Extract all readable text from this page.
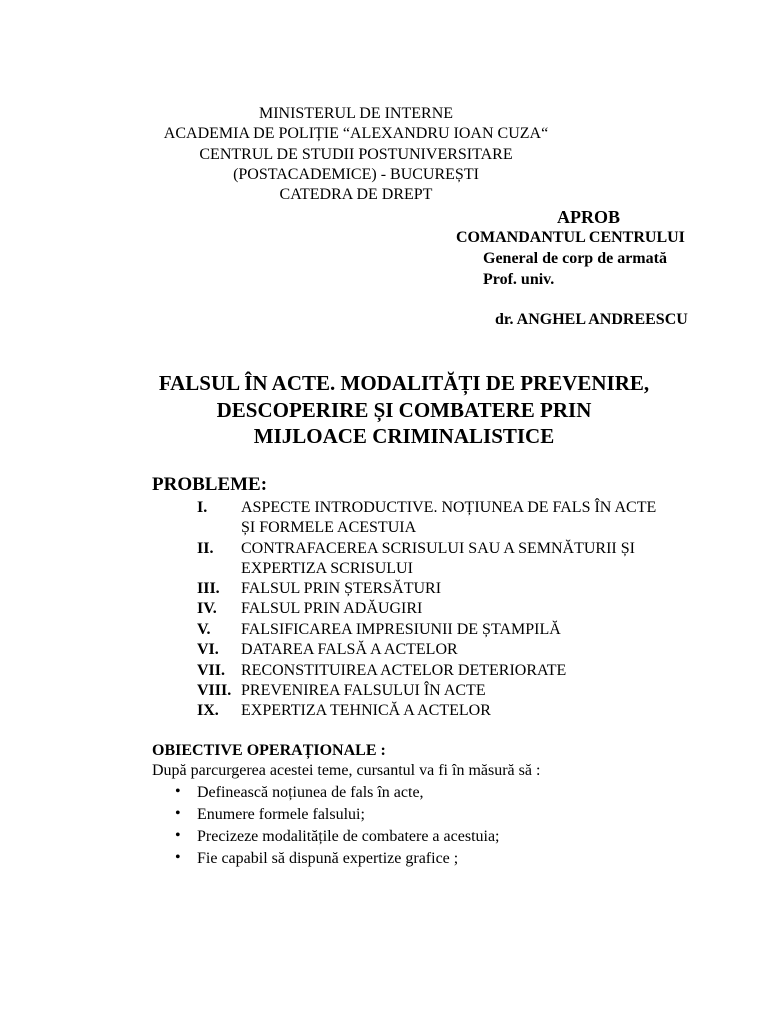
MINISTERUL DE INTERNE
ACADEMIA DE POLIȚIE “ALEXANDRU IOAN CUZA“
CENTRUL DE STUDII POSTUNIVERSITARE
(POSTACADEMICE) - BUCUREȘTI
CATEDRA DE DREPT
APROB
COMANDANTUL CENTRULUI
General de corp de armată
Prof. univ.
dr. ANGHEL ANDREESCU
FALSUL ÎN ACTE. MODALITĂȚI DE PREVENIRE,
DESCOPERIRE ȘI COMBATERE PRIN
MIJLOACE CRIMINALISTICE
PROBLEME:
I. ASPECTE INTRODUCTIVE. NOȚIUNEA DE FALS ÎN ACTE
ȘI FORMELE ACESTUIA
II. CONTRAFACEREA SCRISULUI SAU A SEMNĂTURII ȘI
EXPERTIZA SCRISULUI
III. FALSUL PRIN ȘTERSĂTURI
IV. FALSUL PRIN ADĂUGIRI
V. FALSIFICAREA IMPRESIUNII DE ȘTAMPILĂ
VI. DATAREA FALSĂ A ACTELOR
VII. RECONSTITUIREA ACTELOR DETERIORATE
VIII. PREVENIREA FALSULUI ÎN ACTE
IX. EXPERTIZA TEHNICĂ A ACTELOR
OBIECTIVE OPERAȚIONALE :
După parcurgerea acestei teme, cursantul va fi în măsură să :
• Definească noțiunea de fals în acte,
• Enumere formele falsului;
• Precizeze modalitățile de combatere a acestuia;
• Fie capabil să dispună expertize grafice ;
